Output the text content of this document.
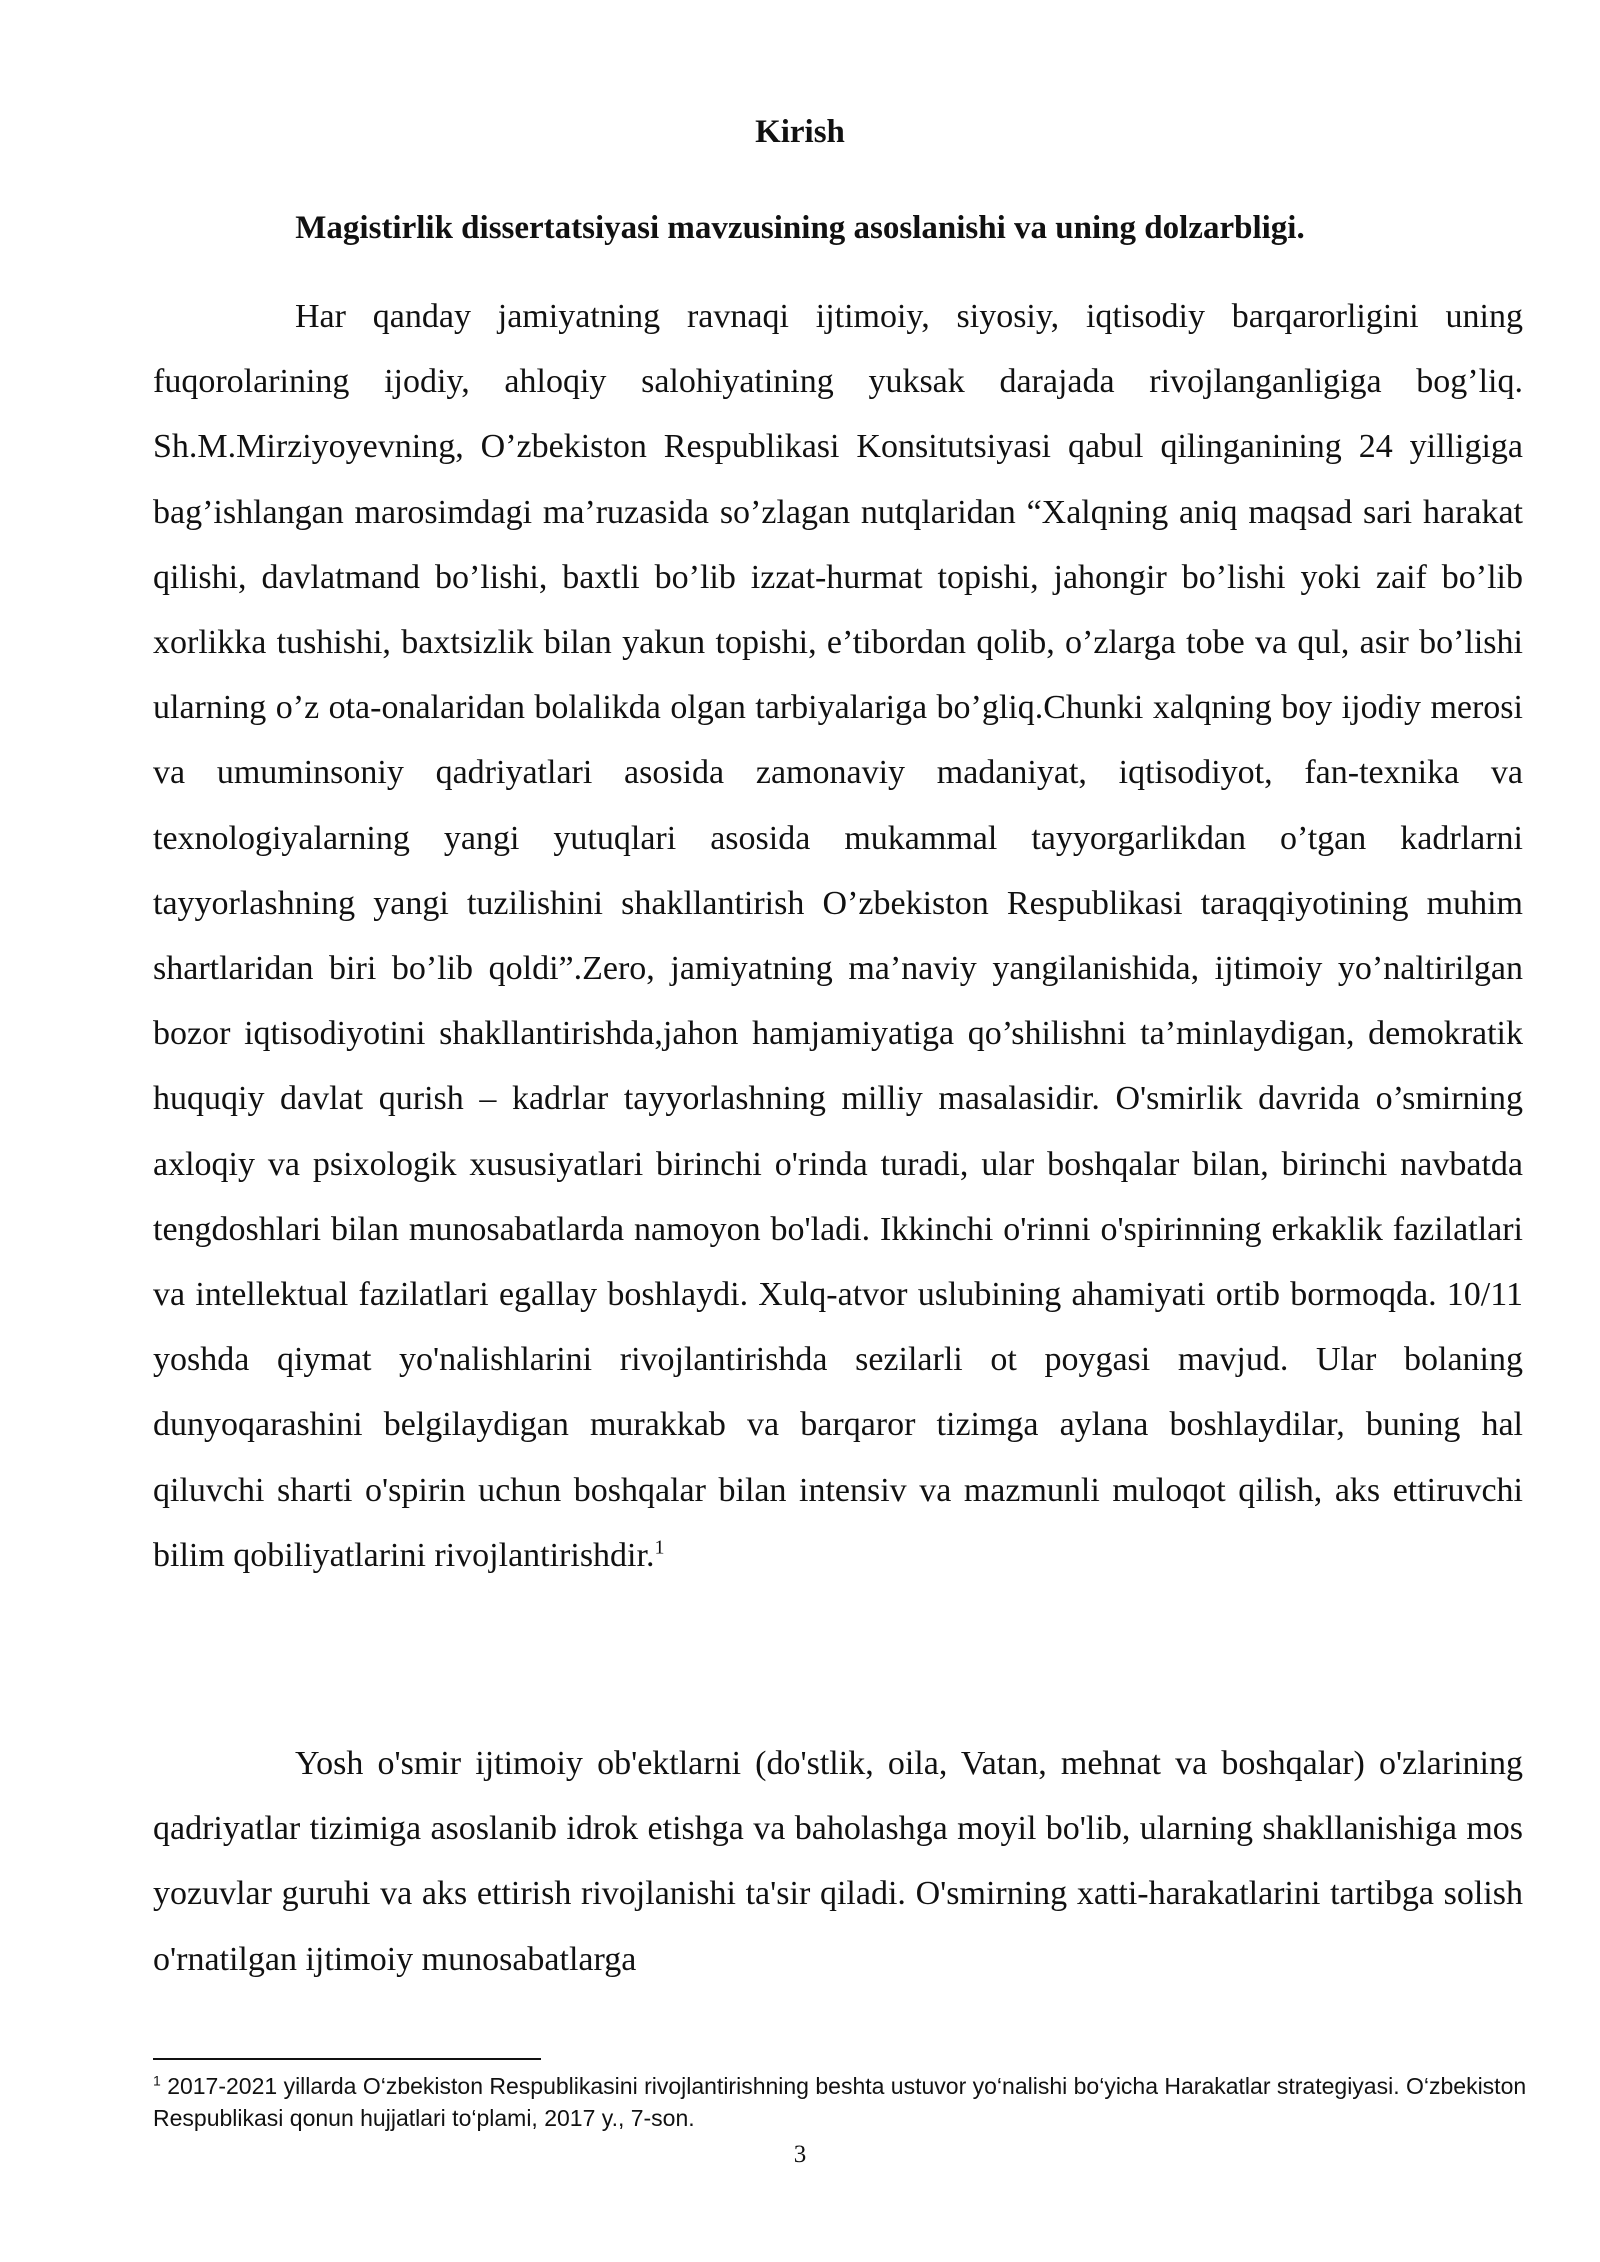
Kirish
Magistirlik dissertatsiyasi mavzusining asoslanishi va uning dolzarbligi.

Har qanday jamiyatning ravnaqi ijtimoiy, siyosiy, iqtisodiy barqarorligini uning fuqorolarining ijodiy, ahloqiy salohiyatining yuksak darajada rivojlanganligiga bog’liq. Sh.M.Mirziyoyevning, O’zbekiston Respublikasi Konsitutsiyasi qabul qilinganining 24 yilligiga bag’ishlangan marosimdagi ma’ruzasida so’zlagan nutqlaridan “Xalqning aniq maqsad sari harakat qilishi, davlatmand bo’lishi, baxtli bo’lib izzat-hurmat topishi, jahongir bo’lishi yoki zaif bo’lib xorlikka tushishi, baxtsizlik bilan yakun topishi, e’tibordan qolib, o’zlarga tobe va qul, asir bo’lishi ularning o’z ota-onalaridan bolalikda olgan tarbiyalariga bo’gliq.Chunki xalqning boy ijodiy merosi va umuminsoniy qadriyatlari asosida zamonaviy madaniyat, iqtisodiyot, fan-texnika va texnologiyalarning yangi yutuqlari asosida mukammal tayyorgarlikdan o’tgan kadrlarni tayyorlashning yangi tuzilishini shakllantirish O’zbekiston Respublikasi taraqqiyotining muhim shartlaridan biri bo’lib qoldi”.Zero, jamiyatning ma’naviy yangilanishida, ijtimoiy yo’naltirilgan bozor iqtisodiyotini shakllantirishda,jahon hamjamiyatiga qo’shilishni ta’minlaydigan, demokratik huquqiy davlat qurish – kadrlar tayyorlashning milliy masalasidir. O'smirlik davrida o’smirning axloqiy va psixologik xususiyatlari birinchi o'rinda turadi, ular boshqalar bilan, birinchi navbatda tengdoshlari bilan munosabatlarda namoyon bo'ladi. Ikkinchi o'rinni o'spirinning erkaklik fazilatlari va intellektual fazilatlari egallay boshlaydi. Xulq-atvor uslubining ahamiyati ortib bormoqda. 10/11 yoshda qiymat yo'nalishlarini rivojlantirishda sezilarli ot poygasi mavjud. Ular bolaning dunyoqarashini belgilaydigan murakkab va barqaror tizimga aylana boshlaydilar, buning hal qiluvchi sharti o'spirin uchun boshqalar bilan intensiv va mazmunli muloqot qilish, aks ettiruvchi bilim qobiliyatlarini rivojlantirishdir.$^1$

Yosh o'smir ijtimoiy ob'ektlarni (do'stlik, oila, Vatan, mehnat va boshqalar) o'zlarining qadriyatlar tizimiga asoslanib idrok etishga va baholashga moyil bo'lib, ularning shakllanishiga mos yozuvlar guruhi va aks ettirish rivojlanishi ta'sir qiladi. O'smirning xatti-harakatlarini tartibga solish o'rnatilgan ijtimoiy munosabatlarga

$^1$ 2017-2021 yillarda O‘zbekiston Respublikasini rivojlantirishning beshta ustuvor yo‘nalishi bo‘yicha Harakatlar strategiyasi. O‘zbekiston Respublikasi qonun hujjatlari to‘plami, 2017 y., 7-son.

3
